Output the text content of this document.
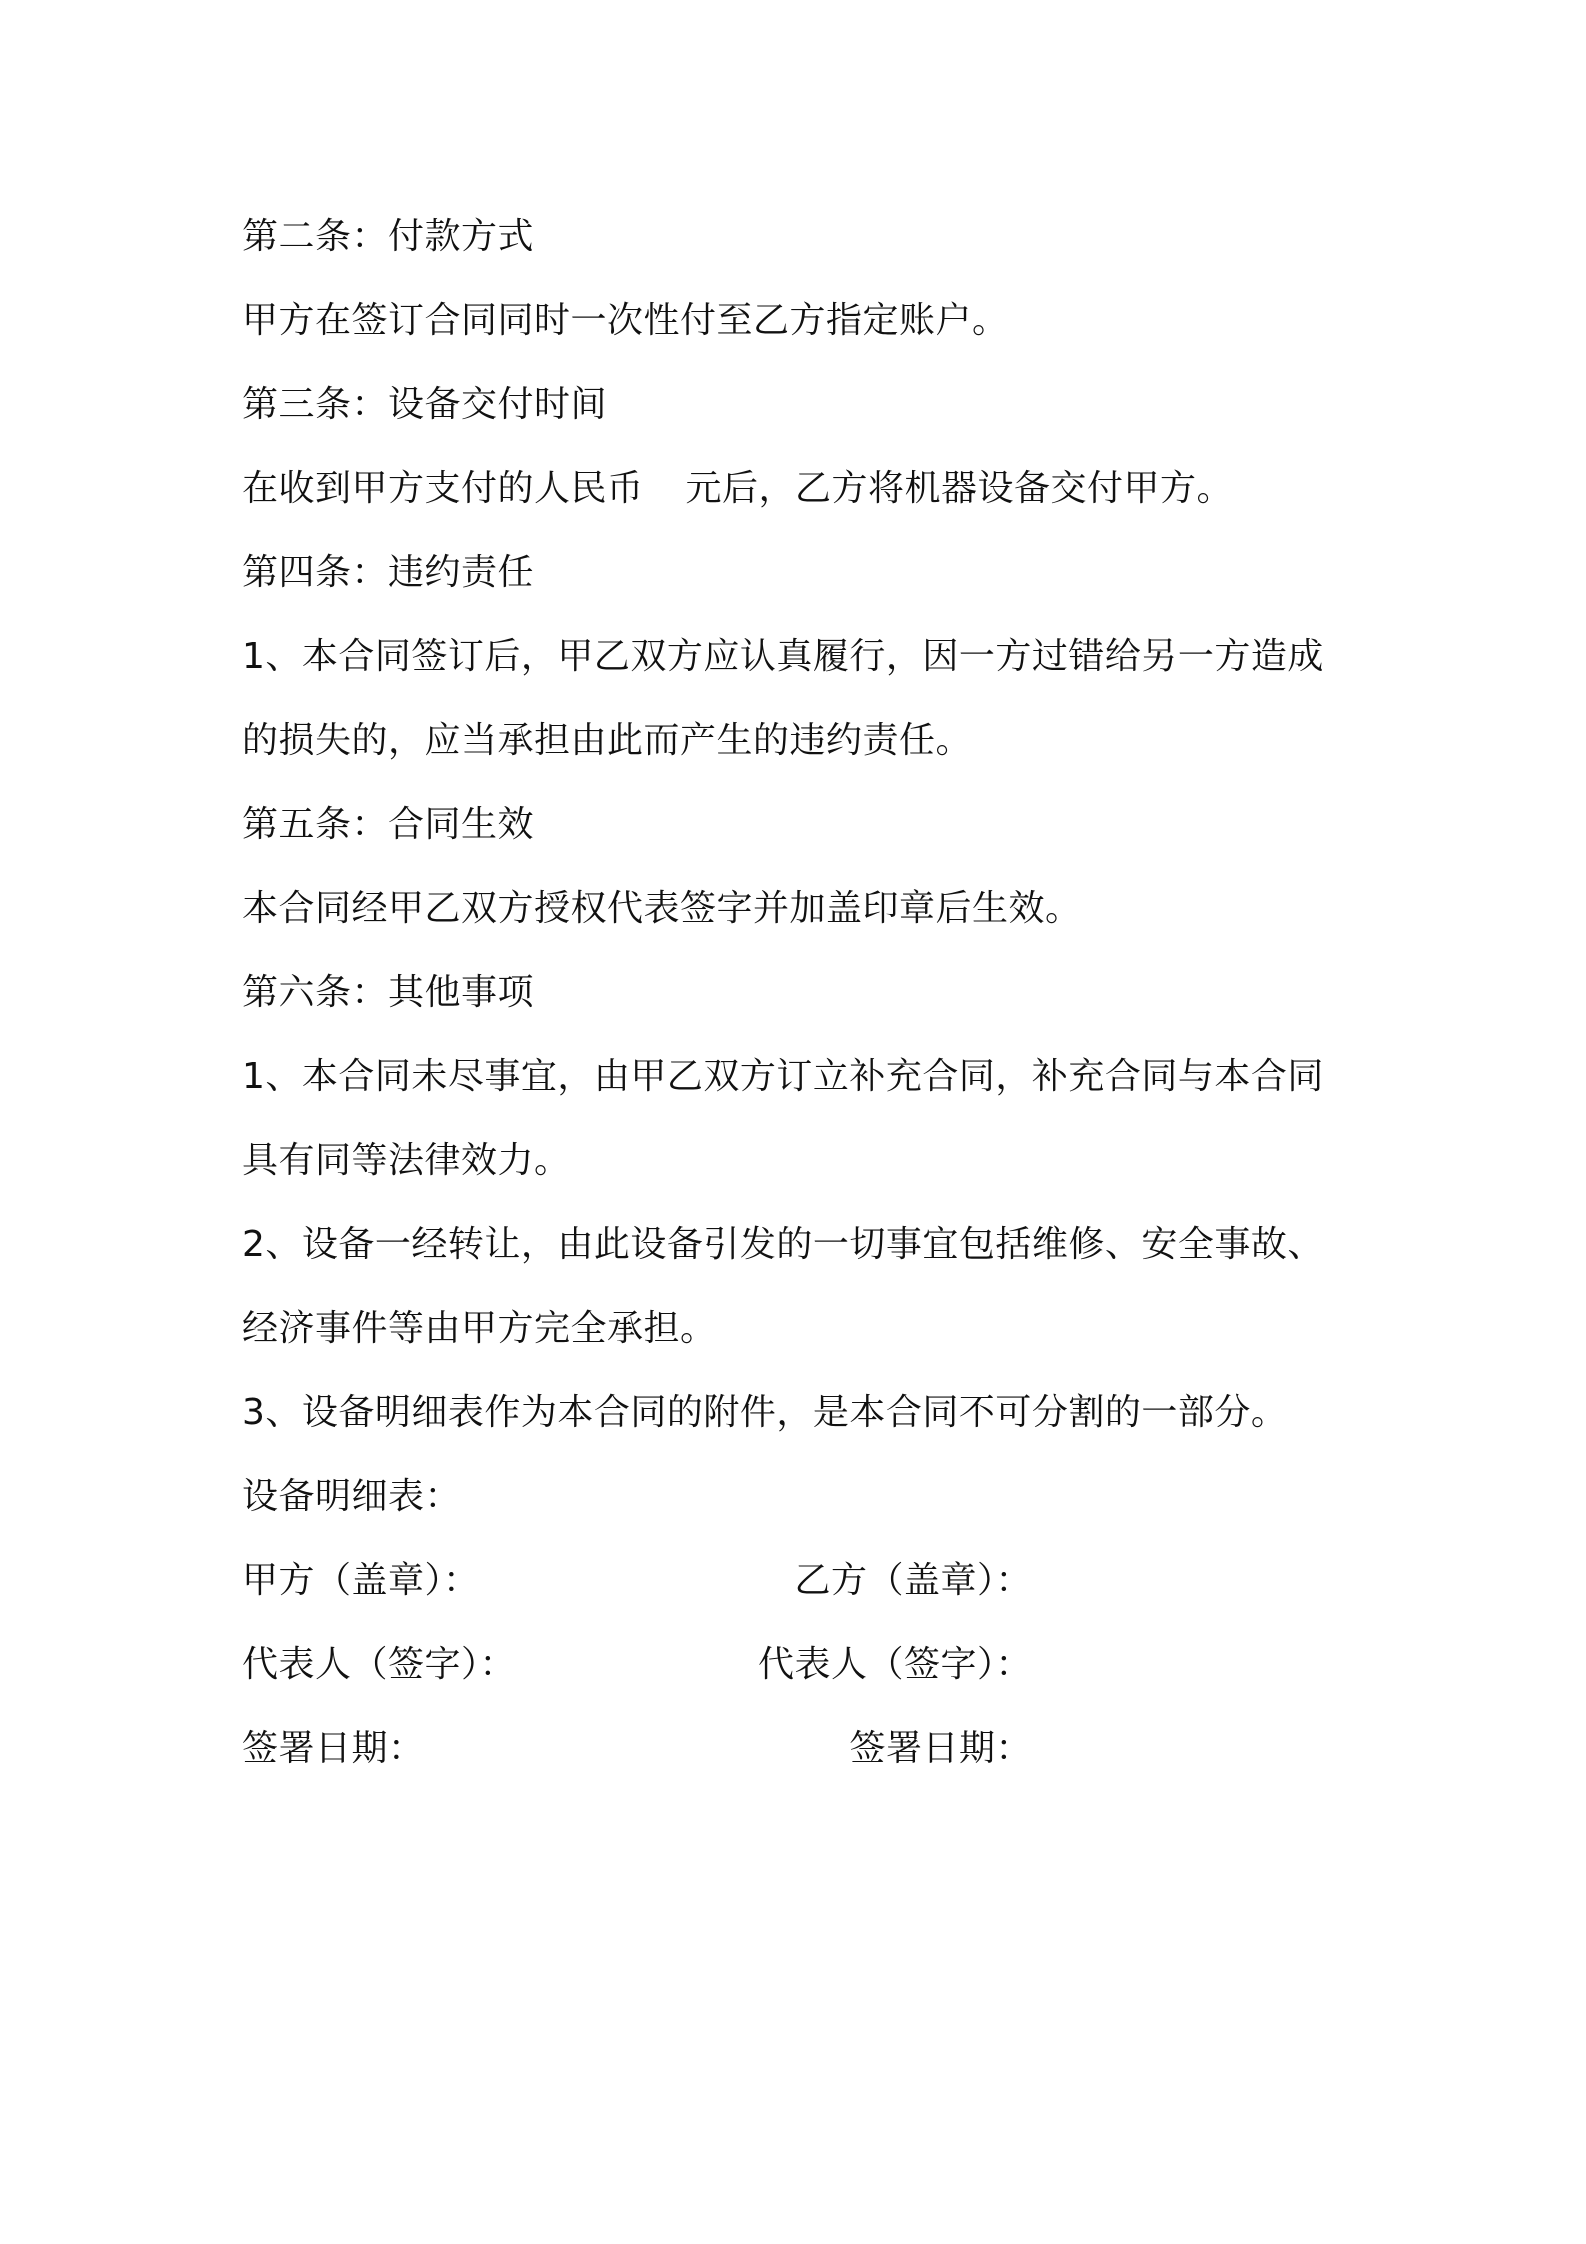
第二条：付款方式
甲方在签订合同同时一次性付至乙方指定账户。
第三条：设备交付时间
在收到甲方支付的人民币 元后，乙方将机器设备交付甲方。
第四条：违约责任
1、本合同签订后，甲乙双方应认真履行，因一方过错给另一方造成
的损失的，应当承担由此而产生的违约责任。
第五条：合同生效
本合同经甲乙双方授权代表签字并加盖印章后生效。
第六条：其他事项
1、本合同未尽事宜，由甲乙双方订立补充合同，补充合同与本合同
具有同等法律效力。
2、设备一经转让，由此设备引发的一切事宜包括维修、安全事故、
经济事件等由甲方完全承担。
3、设备明细表作为本合同的附件，是本合同不可分割的一部分。
设备明细表：
甲方（盖章）：	乙方（盖章）：
代表人（签字）：	代表人（签字）：
签署日期：	签署日期：
